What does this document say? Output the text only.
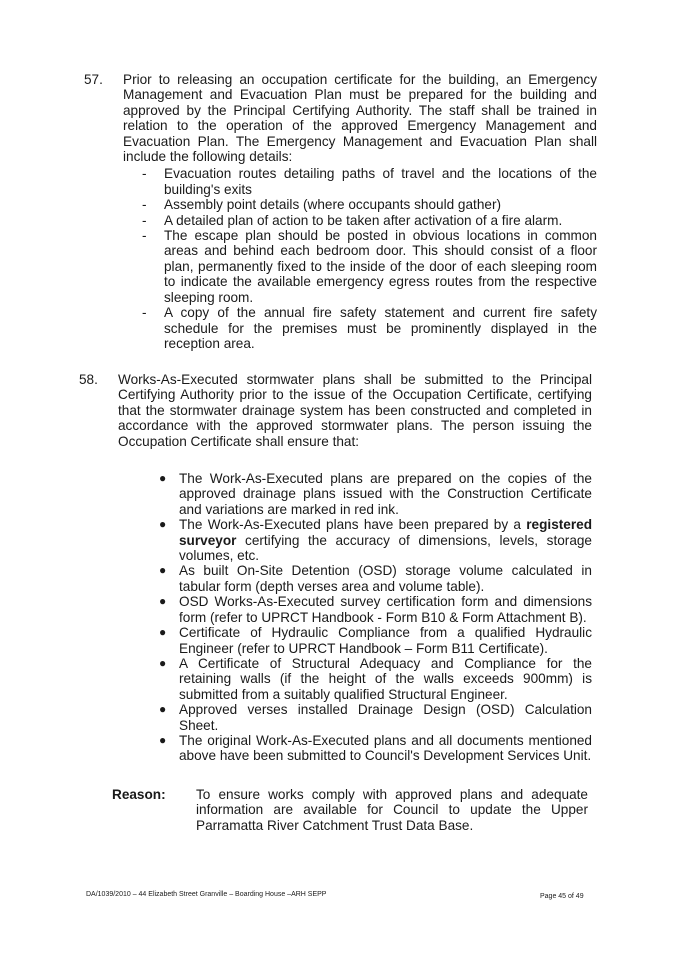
57. Prior to releasing an occupation certificate for the building, an Emergency Management and Evacuation Plan must be prepared for the building and approved by the Principal Certifying Authority. The staff shall be trained in relation to the operation of the approved Emergency Management and Evacuation Plan. The Emergency Management and Evacuation Plan shall include the following details:
- Evacuation routes detailing paths of travel and the locations of the building's exits
- Assembly point details (where occupants should gather)
- A detailed plan of action to be taken after activation of a fire alarm.
- The escape plan should be posted in obvious locations in common areas and behind each bedroom door. This should consist of a floor plan, permanently fixed to the inside of the door of each sleeping room to indicate the available emergency egress routes from the respective sleeping room.
- A copy of the annual fire safety statement and current fire safety schedule for the premises must be prominently displayed in the reception area.
58. Works-As-Executed stormwater plans shall be submitted to the Principal Certifying Authority prior to the issue of the Occupation Certificate, certifying that the stormwater drainage system has been constructed and completed in accordance with the approved stormwater plans. The person issuing the Occupation Certificate shall ensure that:
● The Work-As-Executed plans are prepared on the copies of the approved drainage plans issued with the Construction Certificate and variations are marked in red ink.
● The Work-As-Executed plans have been prepared by a registered surveyor certifying the accuracy of dimensions, levels, storage volumes, etc.
● As built On-Site Detention (OSD) storage volume calculated in tabular form (depth verses area and volume table).
● OSD Works-As-Executed survey certification form and dimensions form (refer to UPRCT Handbook - Form B10 & Form Attachment B).
● Certificate of Hydraulic Compliance from a qualified Hydraulic Engineer (refer to UPRCT Handbook – Form B11 Certificate).
● A Certificate of Structural Adequacy and Compliance for the retaining walls (if the height of the walls exceeds 900mm) is submitted from a suitably qualified Structural Engineer.
● Approved verses installed Drainage Design (OSD) Calculation Sheet.
● The original Work-As-Executed plans and all documents mentioned above have been submitted to Council's Development Services Unit.
Reason: To ensure works comply with approved plans and adequate information are available for Council to update the Upper Parramatta River Catchment Trust Data Base.
DA/1039/2010 – 44 Elizabeth Street Granville – Boarding House –ARH SEPP	Page 45 of 49
